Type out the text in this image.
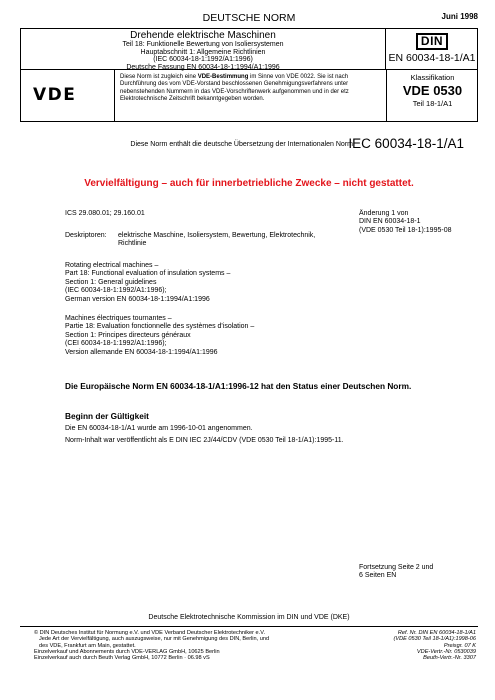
DEUTSCHE NORM	Juni 1998
Drehende elektrische Maschinen
Teil 18: Funktionelle Bewertung von Isoliersystemen
Hauptabschnitt 1: Allgemeine Richtlinien
(IEC 60034-18-1:1992/A1:1996)
Deutsche Fassung EN 60034-18-1:1994/A1:1996
$\overline{DIN}$
EN 60034-18-1/A1
VDE
Diese Norm ist zugleich eine VDE-Bestimmung im Sinne von VDE 0022. Sie ist nach Durchführung des vom VDE-Vorstand beschlossenen Genehmigungsverfahrens unter nebenstehenden Nummern in das VDE-Vorschriftenwerk aufgenommen und in der etz Elektrotechnische Zeitschrift bekanntgegeben worden.
Klassifikation
VDE 0530
Teil 18-1/A1
Diese Norm enthält die deutsche Übersetzung der Internationalen Norm
IEC 60034-18-1/A1
Vervielfältigung – auch für innerbetriebliche Zwecke – nicht gestattet.
ICS 29.080.01; 29.160.01	Änderung 1 von
DIN EN 60034-18-1
(VDE 0530 Teil 18-1):1995-08
Deskriptoren: elektrische Maschine, Isoliersystem, Bewertung, Elektrotechnik,
Richtlinie
Rotating electrical machines –
Part 18: Functional evaluation of insulation systems –
Section 1: General guidelines
(IEC 60034-18-1:1992/A1:1996);
German version EN 60034-18-1:1994/A1:1996
Machines électriques tournantes –
Partie 18: Evaluation fonctionnelle des systèmes d'isolation –
Section 1: Principes directeurs généraux
(CEI 60034-18-1:1992/A1:1996);
Version allemande EN 60034-18-1:1994/A1:1996
Die Europäische Norm EN 60034-18-1/A1:1996-12 hat den Status einer Deutschen Norm.
Beginn der Gültigkeit
Die EN 60034-18-1/A1 wurde am 1996-10-01 angenommen.
Norm-Inhalt war veröffentlicht als E DIN IEC 2J/44/CDV (VDE 0530 Teil 18-1/A1):1995-11.
Fortsetzung Seite 2 und
6 Seiten EN
Deutsche Elektrotechnische Kommission im DIN und VDE (DKE)
© DIN Deutsches Institut für Normung e.V. und VDE Verband Deutscher Elektrotechniker e.V.
Jede Art der Vervielfältigung, auch auszugsweise, nur mit Genehmigung des DIN, Berlin, und
des VDE, Frankfurt am Main, gestattet.
Einzelverkauf und Abonnements durch VDE-VERLAG GmbH, 10625 Berlin
Einzelverkauf auch durch Beuth Verlag GmbH, 10772 Berlin · 06.98 vS
Ref. Nr. DIN EN 60034-18-1/A1
(VDE 0530 Teil 18-1/A1):1998-06
Preisgr. 07 K
VDE-Vertr.-Nr. 0530039
Beuth-Vertr.-Nr. 3307
